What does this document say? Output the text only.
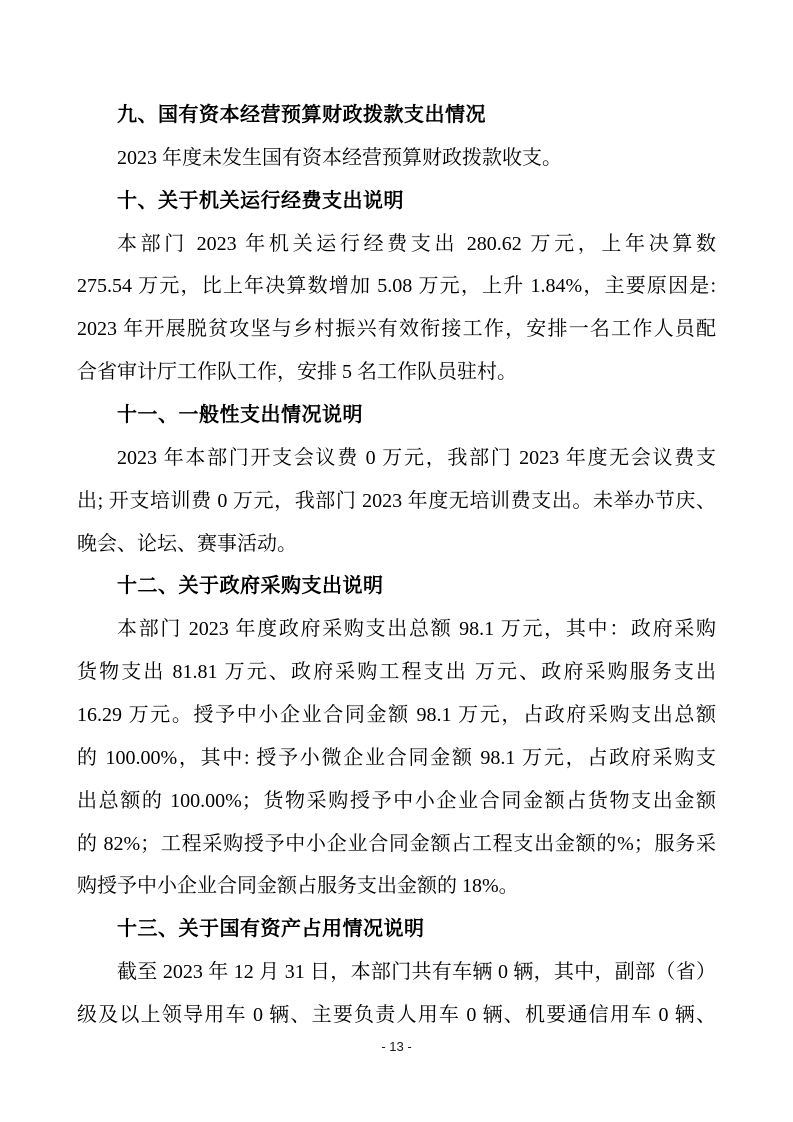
九、国有资本经营预算财政拨款支出情况
2023 年度未发生国有资本经营预算财政拨款收支。
十、关于机关运行经费支出说明
本部门 2023 年机关运行经费支出 280.62 万元，上年决算数
275.54 万元，比上年决算数增加 5.08 万元，上升 1.84%，主要原因是:
2023 年开展脱贫攻坚与乡村振兴有效衔接工作，安排一名工作人员配
合省审计厅工作队工作，安排 5 名工作队员驻村。
十一、一般性支出情况说明
2023 年本部门开支会议费 0 万元，我部门 2023 年度无会议费支
出; 开支培训费 0 万元，我部门 2023 年度无培训费支出。未举办节庆、
晚会、论坛、赛事活动。
十二、关于政府采购支出说明
本部门 2023 年度政府采购支出总额 98.1 万元，其中：政府采购
货物支出 81.81 万元、政府采购工程支出 万元、政府采购服务支出
16.29 万元。授予中小企业合同金额 98.1 万元，占政府采购支出总额
的 100.00%，其中: 授予小微企业合同金额 98.1 万元，占政府采购支
出总额的 100.00%；货物采购授予中小企业合同金额占货物支出金额
的 82%；工程采购授予中小企业合同金额占工程支出金额的%；服务采
购授予中小企业合同金额占服务支出金额的 18%。
十三、关于国有资产占用情况说明
截至 2023 年 12 月 31 日，本部门共有车辆 0 辆，其中，副部（省）
级及以上领导用车 0 辆、主要负责人用车 0 辆、机要通信用车 0 辆、
- 13 -
